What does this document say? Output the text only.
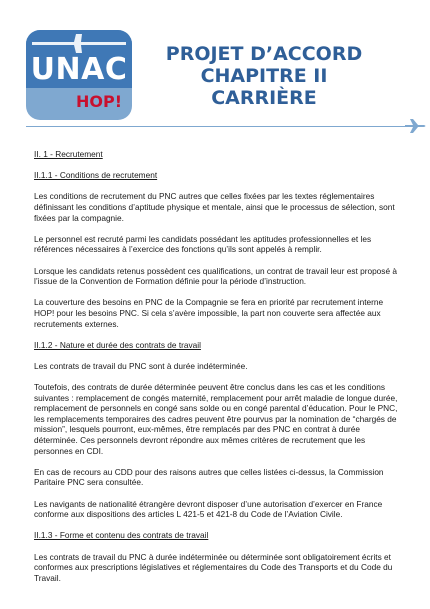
UNAC
HOP!
PROJET D’ACCORD
CHAPITRE II
CARRIÈRE

II. 1 - Recrutement

II.1.1 - Conditions de recrutement

Les conditions de recrutement du PNC autres que celles fixées par les textes réglementaires définissant les conditions d’aptitude physique et mentale, ainsi que le processus de sélection, sont fixées par la compagnie.

Le personnel est recruté parmi les candidats possédant les aptitudes professionnelles et les références nécessaires à l’exercice des fonctions qu’ils sont appelés à remplir.

Lorsque les candidats retenus possèdent ces qualifications, un contrat de travail leur est proposé à l’issue de la Convention de Formation définie pour la période d’instruction.

La couverture des besoins en PNC de la Compagnie se fera en priorité par recrutement interne HOP! pour les besoins PNC. Si cela s’avère impossible, la part non couverte sera affectée aux recrutements externes.

II.1.2 - Nature et durée des contrats de travail

Les contrats de travail du PNC sont à durée indéterminée.

Toutefois, des contrats de durée déterminée peuvent être conclus dans les cas et les conditions suivantes : remplacement de congés maternité, remplacement pour arrêt maladie de longue durée, remplacement de personnels en congé sans solde ou en congé parental d’éducation. Pour le PNC, les remplacements temporaires des cadres peuvent être pourvus par la nomination de “chargés de mission”, lesquels pourront, eux-mêmes, être remplacés par des PNC en contrat à durée déterminée. Ces personnels devront répondre aux mêmes critères de recrutement que les personnes en CDI.

En cas de recours au CDD pour des raisons autres que celles listées ci-dessus, la Commission Paritaire PNC sera consultée.

Les navigants de nationalité étrangère devront disposer d’une autorisation d’exercer en France conforme aux dispositions des articles L 421-5 et 421-8 du Code de l’Aviation Civile.

II.1.3 - Forme et contenu des contrats de travail

Les contrats de travail du PNC à durée indéterminée ou déterminée sont obligatoirement écrits et conformes aux prescriptions législatives et réglementaires du Code des Transports et du Code du Travail.
